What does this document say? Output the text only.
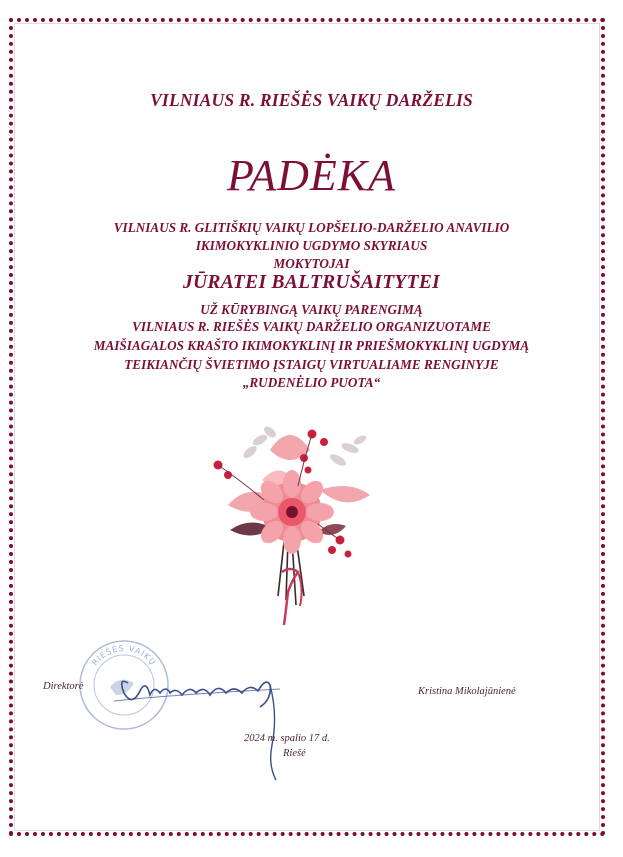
VILNIAUS R. RIEŠĖS VAIKŲ DARŽELIS
PADĖKA
VILNIAUS R. GLITIŠKIŲ VAIKŲ LOPŠELIO-DARŽELIO ANAVILIO
IKIMOKYKLINIO UGDYMO SKYRIAUS
MOKYTOJAI
JŪRATEI BALTRUŠAITYTEI
UŽ KŪRYBINGĄ VAIKŲ PARENGIMĄ
VILNIAUS R. RIEŠĖS VAIKŲ DARŽELIO ORGANIZUOTAME
MAIŠIAGALOS KRAŠTO IKIMOKYKLINĮ IR PRIEŠMOKYKLINĮ UGDYMĄ
TEIKIANČIŲ ŠVIETIMO ĮSTAIGŲ VIRTUALIAME RENGINYJE
„RUDENĖLIO PUOTA“
RIEŠĖS VAIKŲ
Direktorė	Kristina Mikolajūnienė
2024 m. spalio 17 d.
Riešė
